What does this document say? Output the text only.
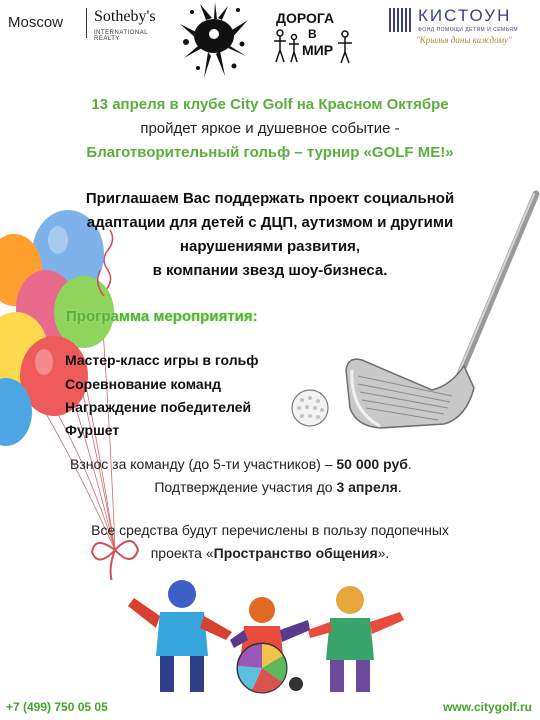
Moscow Sotheby's
INTERNATIONAL REALTY
ДОРОГА
В
МИР
КИСТОУН
ФОНД ПОМОЩИ ДЕТЯМ И СЕМЬЯМ
"Крылья даны каждому"
13 апреля в клубе City Golf на Красном Октябре
пройдет яркое и душевное событие -
Благотворительный гольф – турнир «GOLF ME!»
Приглашаем Вас поддержать проект социальной
адаптации для детей с ДЦП, аутизмом и другими
нарушениями развития,
в компании звезд шоу-бизнеса.
Программа мероприятия:
Мастер-класс игры в гольф
Соревнование команд
Награждение победителей
Фуршет
Взнос за команду (до 5-ти участников) – 50 000 руб.
Подтверждение участия до 3 апреля.
Все средства будут перечислены в пользу подопечных
проекта «Пространство общения».
+7 (499) 750 05 05	www.citygolf.ru
